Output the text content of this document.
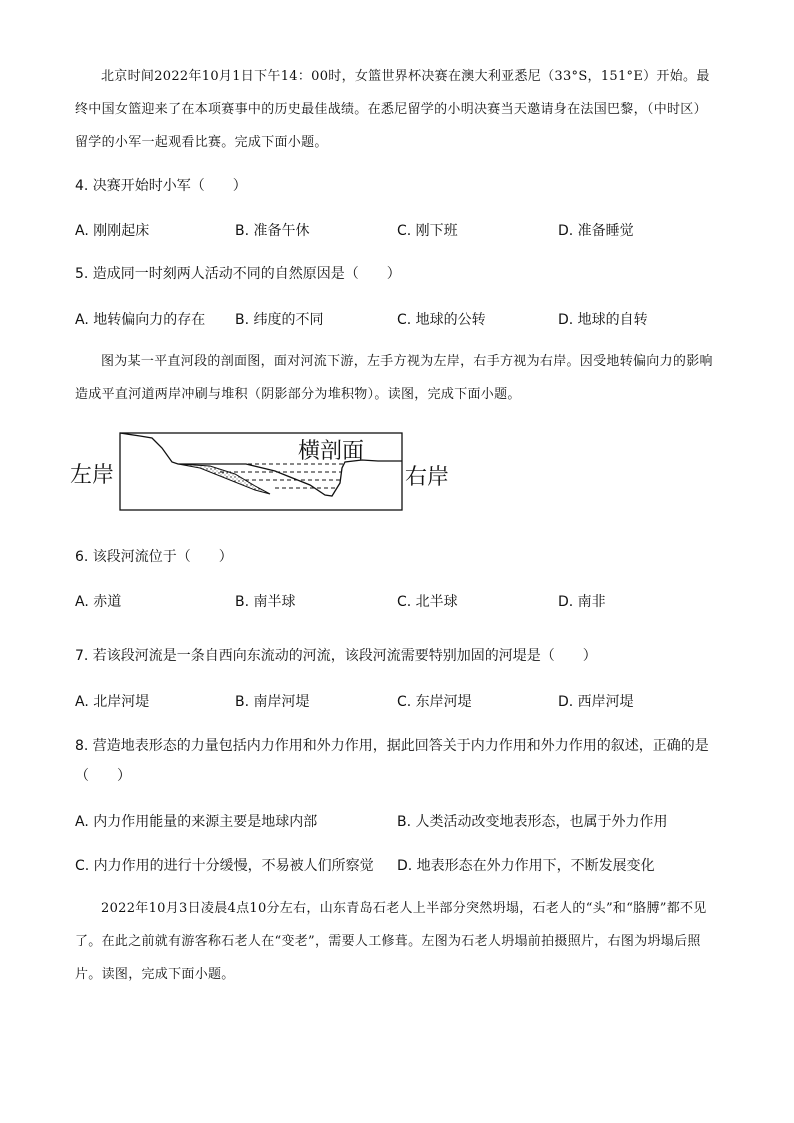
北京时间2022年10月1日下午14：00时，女篮世界杯决赛在澳大利亚悉尼（33°S，151°E）开始。最终中国女篮迎来了在本项赛事中的历史最佳战绩。在悉尼留学的小明决赛当天邀请身在法国巴黎，（中时区）留学的小军一起观看比赛。完成下面小题。
4. 决赛开始时小军（　　）
A. 刚刚起床	B. 准备午休	C. 刚下班	D. 准备睡觉
5. 造成同一时刻两人活动不同的自然原因是（　　）
A. 地转偏向力的存在 B. 纬度的不同	C. 地球的公转	D. 地球的自转
图为某一平直河段的剖面图，面对河流下游，左手方视为左岸，右手方视为右岸。因受地转偏向力的影响造成平直河道两岸冲刷与堆积（阴影部分为堆积物）。读图，完成下面小题。
左岸
横剖面
右岸
6. 该段河流位于（　　）
A. 赤道	B. 南半球	C. 北半球	D. 南非
7. 若该段河流是一条自西向东流动的河流，该段河流需要特别加固的河堤是（　　）
A. 北岸河堤	B. 南岸河堤	C. 东岸河堤	D. 西岸河堤
8. 营造地表形态的力量包括内力作用和外力作用，据此回答关于内力作用和外力作用的叙述，正确的是
（　　）
A. 内力作用能量的来源主要是地球内部	B. 人类活动改变地表形态，也属于外力作用
C. 内力作用的进行十分缓慢，不易被人们所察觉 D. 地表形态在外力作用下，不断发展变化
2022年10月3日凌晨4点10分左右，山东青岛石老人上半部分突然坍塌，石老人的“头”和“胳膊”都不见了。在此之前就有游客称石老人在“变老”，需要人工修葺。左图为石老人坍塌前拍摄照片，右图为坍塌后照片。读图，完成下面小题。
